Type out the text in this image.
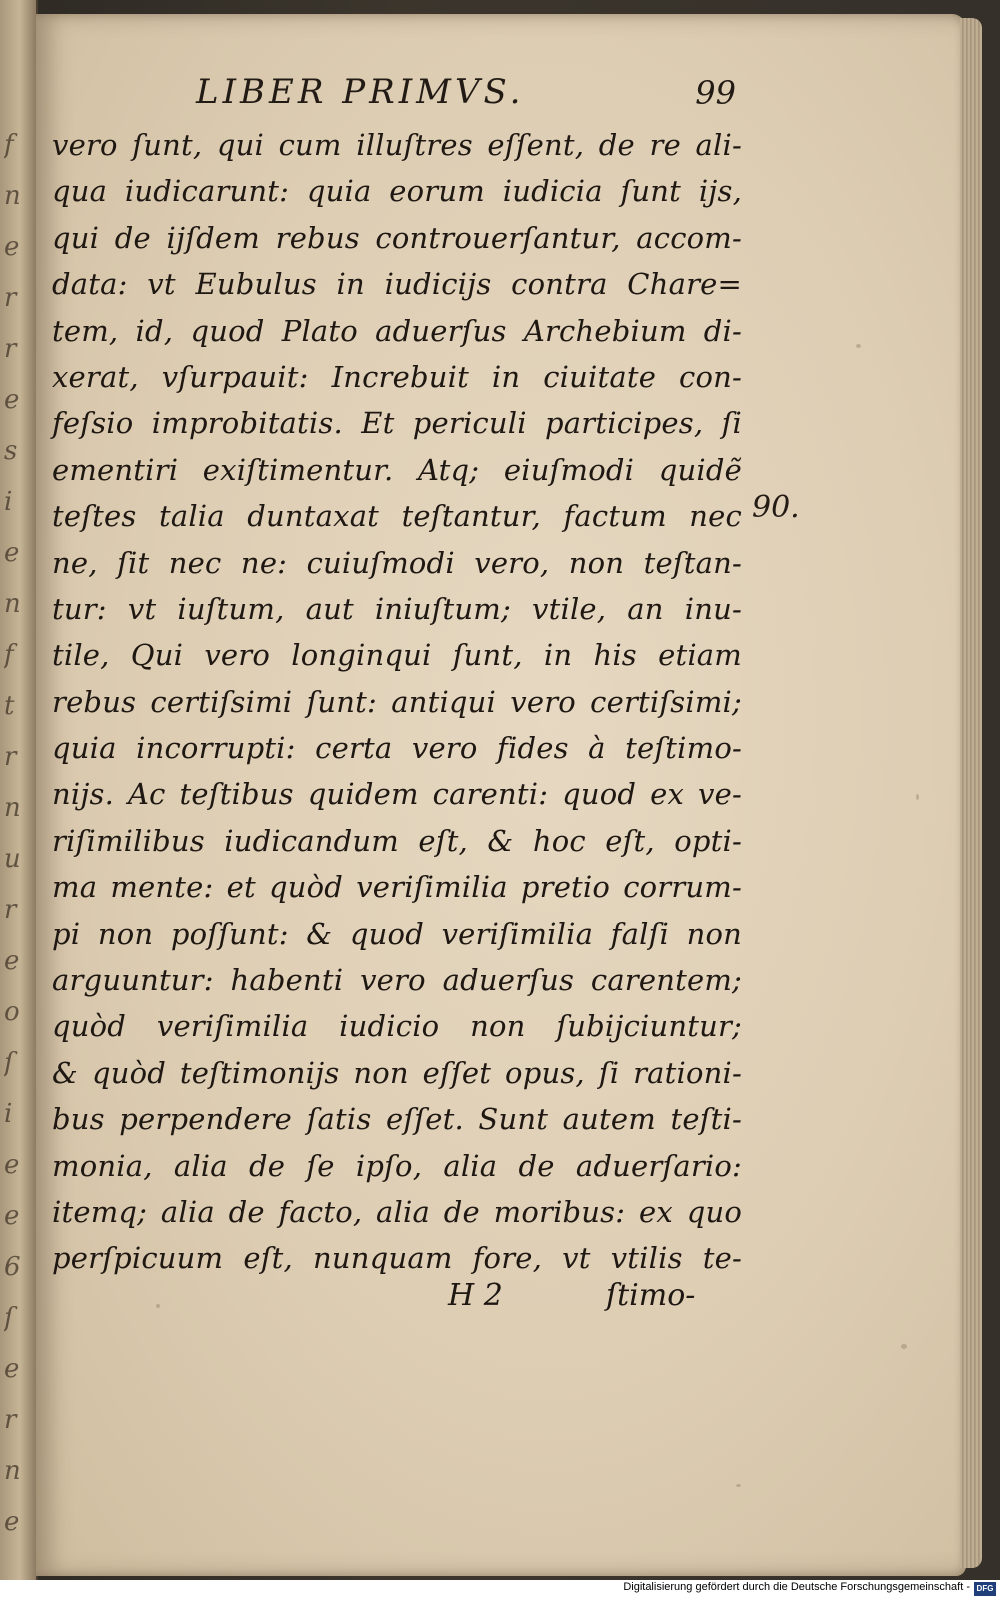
f
n
e
r
r
e
s
i
e
n
f
t
r
n
u
r
e
o
ſ
i
e
e
6
ſ
e
r
n
e
LIBER PRIMVS.	99
vero ſunt, qui cum illuſtres eſſent, de re ali-
qua iudicarunt: quia eorum iudicia ſunt iјs,
qui de iјſdem rebus controuerſantur, accom-
data: vt Eubulus in iudiciјs contra Chare=
tem, id, quod Plato aduerſus Archebium di-
xerat, vſurpauit: Increbuit in ciuitate con-
feſsio improbitatis. Et periculi participes, ſi
ementiri exiſtimentur. Atq; eiuſmodi quidẽ
teſtes talia duntaxat teſtantur, factum nec
ne, ſit nec ne: cuiuſmodi vero, non teſtan-
tur: vt iuſtum, aut iniuſtum; vtile, an inu-
tile, Qui vero longinqui ſunt, in his etiam
rebus certiſsimi ſunt: antiqui vero certiſsimi;
quia incorrupti: certa vero fides à teſtimo-
niјs. Ac teſtibus quidem carenti: quod ex ve-
riſimilibus iudicandum eſt, & hoc eſt, opti-
ma mente: et quòd veriſimilia pretio corrum-
pi non poſſunt: & quod veriſimilia falſi non
arguuntur: habenti vero aduerſus carentem;
quòd veriſimilia iudicio non ſubiјciuntur;
& quòd teſtimoniјs non eſſet opus, ſi rationi-
bus perpendere ſatis eſſet. Sunt autem teſti-
monia, alia de ſe ipſo, alia de aduerſario:
itemq; alia de facto, alia de moribus: ex quo
perſpicuum eſt, nunquam fore, vt vtilis te-
90.
H 2	ſtimo-
Digitalisierung gefördert durch die Deutsche Forschungsgemeinschaft - DFG
